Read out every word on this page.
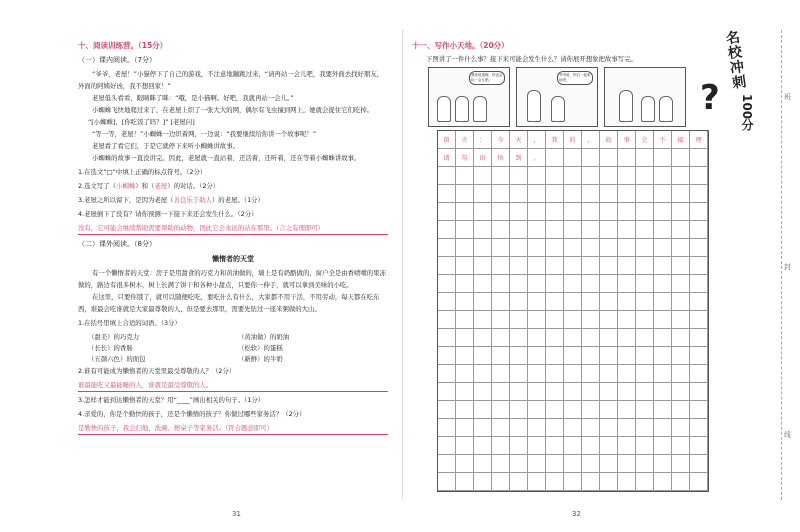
十、阅读训练营。（15分）
（一）课内阅读。（7分）

“爷爷，老屋！”小猫停下了自己的游戏，不注意地蹦跳过来，“请再站一会儿吧，我要外面去找好朋友，外面的阿姨好凶，我不想回家！”

老屋低头看看，眼睛眯了眯：“哦，是小猫啊。好吧，我就再站一会儿。”

小蜘蛛飞快地爬过来了，在老屋上织了一张大大的网，偶尔有飞虫撞到网上，她就会捉住它们吃掉。

“[小蜘蛛]，[你吃饭了吗？]” [老屋问]

“等一等，老屋！”小蜘蛛一边织着网，一边说：“我要继续给你讲一个故事呢！”

老屋看了看它们，于是它就停下来听小蜘蛛讲故事。

小蜘蛛的故事一直没讲完。因此，老屋就一直站着，还活着，还听着，还在等着小蜘蛛讲故事。

1.在选文“□”中填上正确的标点符号。（2分）
2.选文写了（小蜘蛛）和（老屋）的对话。（2分）
3.老屋之所以留下，是因为老屋（善良乐于助人）的老屋。（1分）
4.老屋倒下了没有？请你预测一下接下来还会发生什么。（2分）
没有，它可能会继续帮助需要帮助的动物，因此它会永远的站在那里。（言之有理即可）
（二）课外阅读。（8分）
懒惰者的天堂

有一个懒惰者的天堂：房子是用甜食的巧克力和黄油做的，墙上是有奶酪做的，窗户全是由香喷喷的果冻做的，路边有很多树木，树上长满了饼干和各种小甜点，只要你一伸手，就可以拿到美味的小吃。

在这里，只要你饿了，就可以随便吃吃，要吃什么有什么，大家都不用干活，不用劳动，每天都在吃东西，谁最会吃谁就是大家最尊敬的人，但是要去那里，需要先钻过一座米粥做的大山。

1.在括号里填上合适的词语。（3分）
（甜美）的巧克力	（黄油做）的奶油
（长长）的香肠	（松软）的蛋糕
（五颜六色）的面包	（新鲜）的牛奶
2.谁有可能成为懒惰者的天堂里最受尊敬的人？（2分）
谁最能吃又最能睡的人，谁就是最受尊敬的人。
3.怎样才能到达懒惰者的天堂？用“____”画出相关的句子。（1分）
4.亲爱的，你是个勤快的孩子，还是个懒惰的孩子？你做过哪些家务活？（2分）
是勤快的孩子，我会扫地、洗碗、擦桌子等家务活。（符合题意即可）
31
十一、写作小天地。（20分）
下图讲了一件什么事？接下来可能会发生什么？请你展开想象把故事写完。
我来说道理，你也会玩一会儿吧。
爷爷说，你们一起来玩吧。	名校冲刺
100分
?
留	言	：	今	天	，	我	的	，	故	事	会	不	接	理
请	句	语	快	到	。
32
班
封
线
